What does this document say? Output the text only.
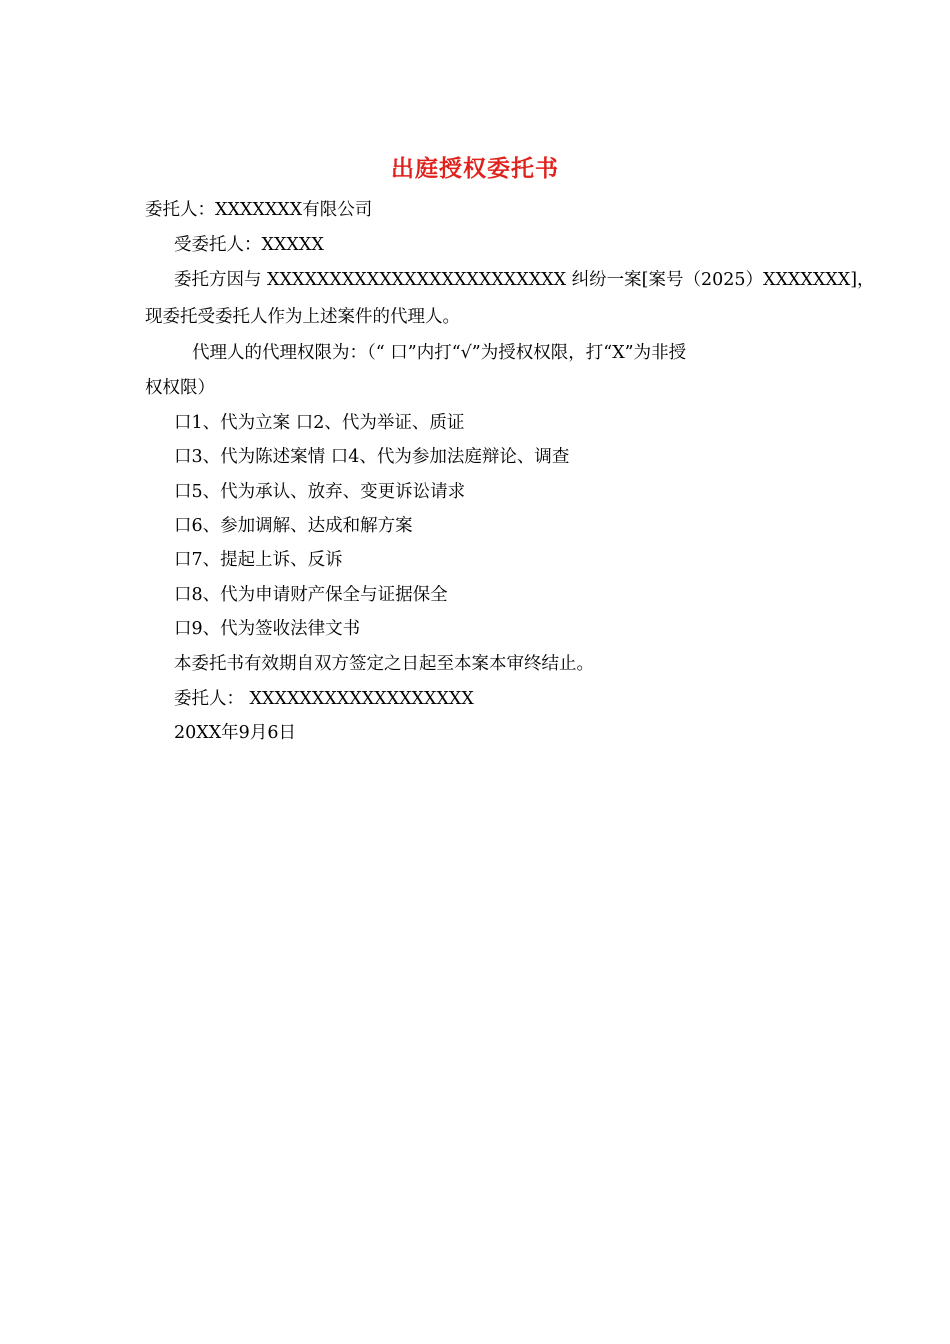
出庭授权委托书
委托人：XXXXXXX有限公司
受委托人：XXXXX
委托方因与 XXXXXXXXXXXXXXXXXXXXXXXX 纠纷一案[案号（2025）XXXXXXX]，
现委托受委托人作为上述案件的代理人。
代理人的代理权限为：（“ 口”内打“√”为授权权限，打“X”为非授
权权限）
口1、代为立案 口2、代为举证、质证
口3、代为陈述案情 口4、代为参加法庭辩论、调查
口5、代为承认、放弃、变更诉讼请求
口6、参加调解、达成和解方案
口7、提起上诉、反诉
口8、代为申请财产保全与证据保全
口9、代为签收法律文书
本委托书有效期自双方签定之日起至本案本审终结止。
委托人： XXXXXXXXXXXXXXXXXX
20XX年9月6日
